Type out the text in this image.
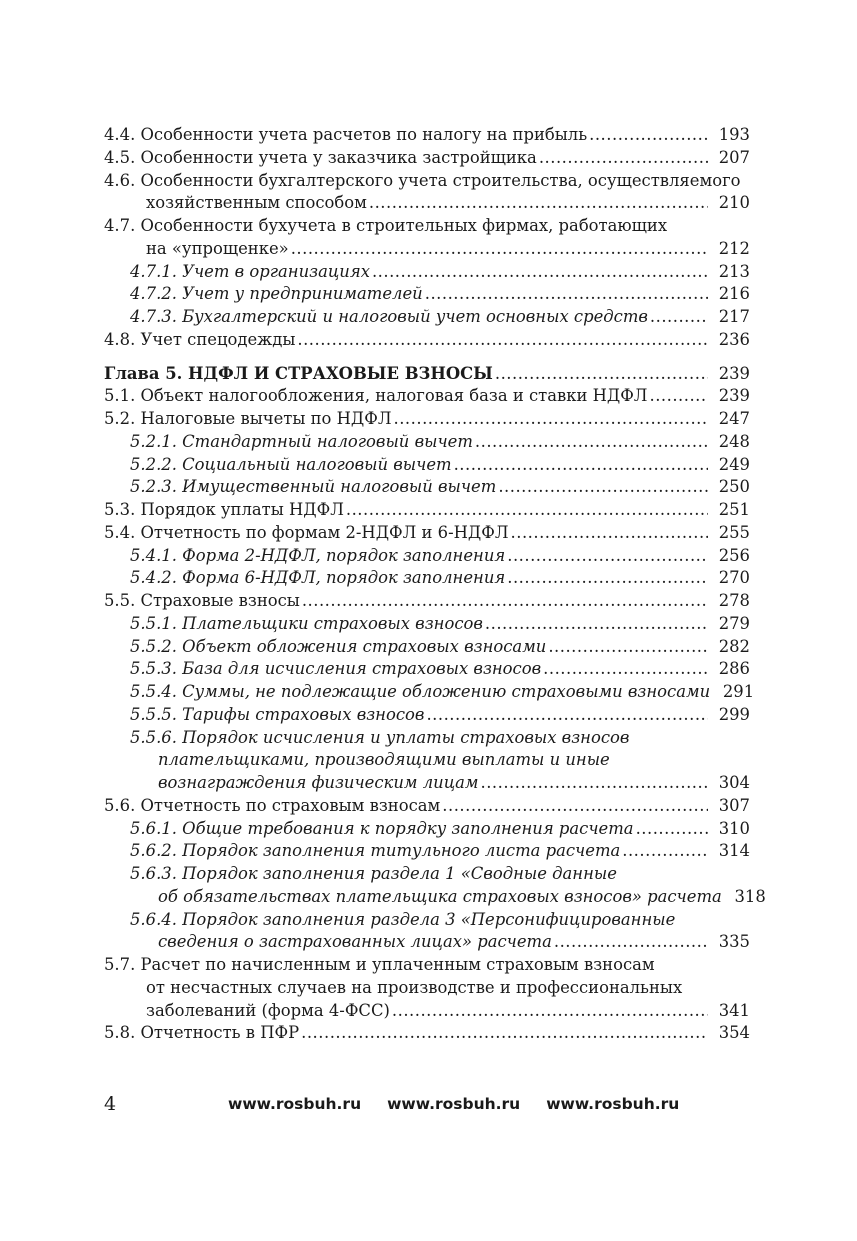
4.4. Особенности учета расчетов по налогу на прибыль .....	193
4.5. Особенности учета у заказчика застройщика .....	207
4.6. Особенности бухгалтерского учета строительства, осуществляемого
хозяйственным способом .....	210
4.7. Особенности бухучета в строительных фирмах, работающих
на «упрощенке» .....	212
4.7.1. Учет в организациях .....	213
4.7.2. Учет у предпринимателей .....	216
4.7.3. Бухгалтерский и налоговый учет основных средств .....	217
4.8. Учет спецодежды .....	236
Глава 5. НДФЛ И СТРАХОВЫЕ ВЗНОСЫ .....	239
5.1. Объект налогообложения, налоговая база и ставки НДФЛ .....	239
5.2. Налоговые вычеты по НДФЛ .....	247
5.2.1. Стандартный налоговый вычет .....	248
5.2.2. Социальный налоговый вычет .....	249
5.2.3. Имущественный налоговый вычет .....	250
5.3. Порядок уплаты НДФЛ .....	251
5.4. Отчетность по формам 2-НДФЛ и 6-НДФЛ .....	255
5.4.1. Форма 2-НДФЛ, порядок заполнения .....	256
5.4.2. Форма 6-НДФЛ, порядок заполнения .....	270
5.5. Страховые взносы .....	278
5.5.1. Плательщики страховых взносов .....	279
5.5.2. Объект обложения страховых взносами .....	282
5.5.3. База для исчисления страховых взносов .....	286
5.5.4. Суммы, не подлежащие обложению страховыми взносами 291
5.5.5. Тарифы страховых взносов .....	299
5.5.6. Порядок исчисления и уплаты страховых взносов
плательщиками, производящими выплаты и иные
вознаграждения физическим лицам .....	304
5.6. Отчетность по страховым взносам .....	307
5.6.1. Общие требования к порядку заполнения расчета .....	310
5.6.2. Порядок заполнения титульного листа расчета .....	314
5.6.3. Порядок заполнения раздела 1 «Сводные данные
об обязательствах плательщика страховых взносов» расчета 318
5.6.4. Порядок заполнения раздела 3 «Персонифицированные
сведения о застрахованных лицах» расчета .....	335
5.7. Расчет по начисленным и уплаченным страховым взносам
от несчастных случаев на производстве и профессиональных
заболеваний (форма 4-ФСС) .....	341
5.8. Отчетность в ПФР .....	354
4	www.rosbuh.ru www.rosbuh.ru www.rosbuh.ru
